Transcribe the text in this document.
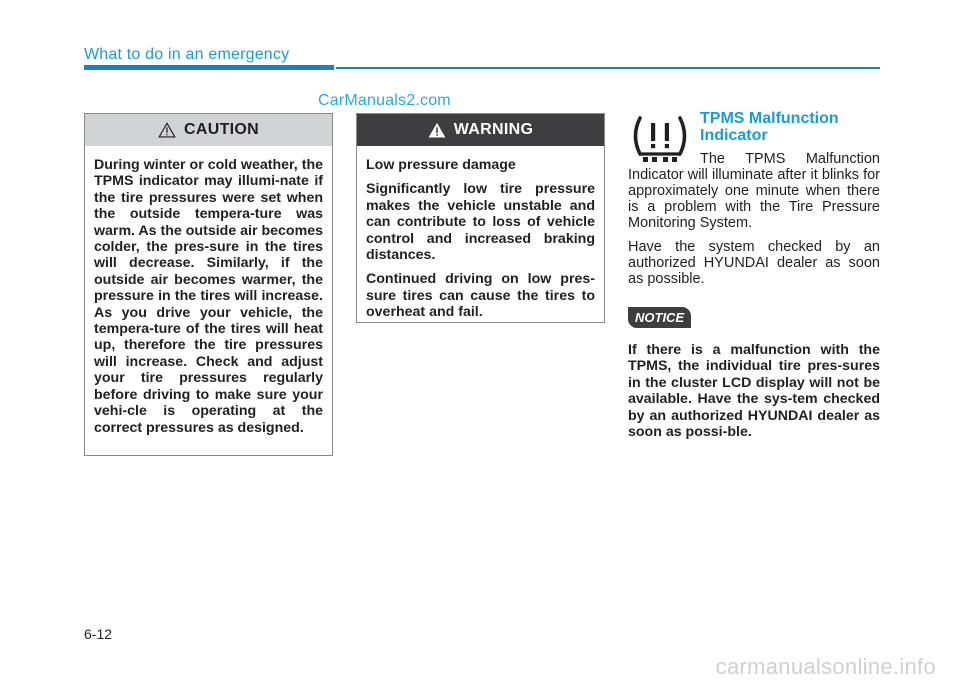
What to do in an emergency
CarManuals2.com
CAUTION

During winter or cold weather, the TPMS indicator may illumi-nate if the tire pressures were set when the outside tempera-ture was warm. As the outside air becomes colder, the pres-sure in the tires will decrease. Similarly, if the outside air becomes warmer, the pressure in the tires will increase. As you drive your vehicle, the tempera-ture of the tires will heat up, therefore the tire pressures will increase. Check and adjust your tire pressures regularly before driving to make sure your vehi-cle is operating at the correct pressures as designed.

WARNING

Low pressure damage

Significantly low tire pressure makes the vehicle unstable and can contribute to loss of vehicle control and increased braking distances.

Continued driving on low pres-sure tires can cause the tires to overheat and fail.

TPMS Malfunction
Indicator

The TPMS Malfunction Indicator will illuminate after it blinks for approximately one minute when there is a problem with the Tire Pressure Monitoring System.

Have the system checked by an authorized HYUNDAI dealer as soon as possible.

NOTICE

If there is a malfunction with the TPMS, the individual tire pres-sures in the cluster LCD display will not be available. Have the sys-tem checked by an authorized HYUNDAI dealer as soon as possi-ble.

6-12
carmanualsonline.info
